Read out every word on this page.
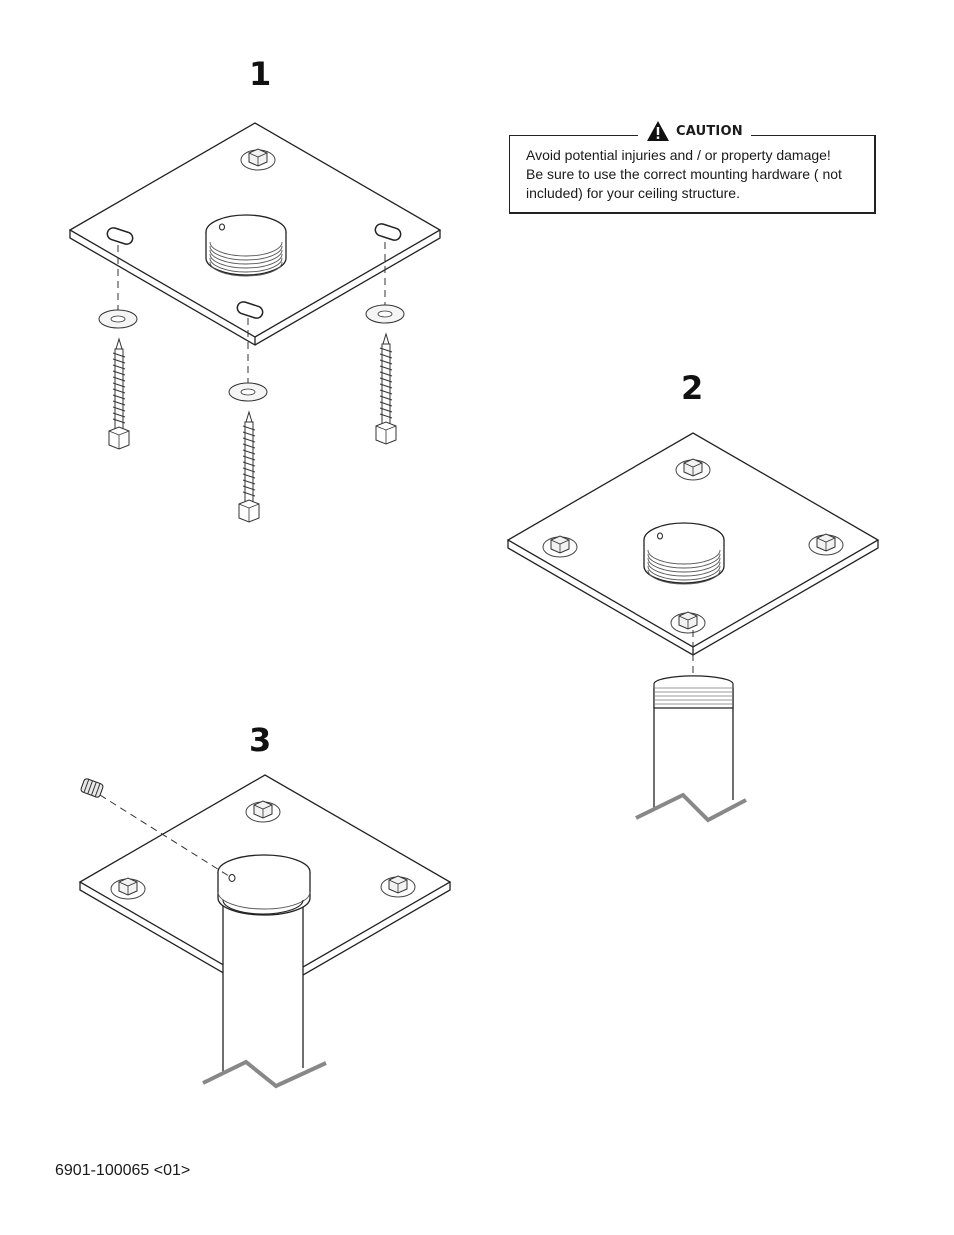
1
2
3
CAUTION
Avoid potential injuries and / or property damage!
Be sure to use the correct mounting hardware ( not
included) for your ceiling structure.
6901-100065 <01>
